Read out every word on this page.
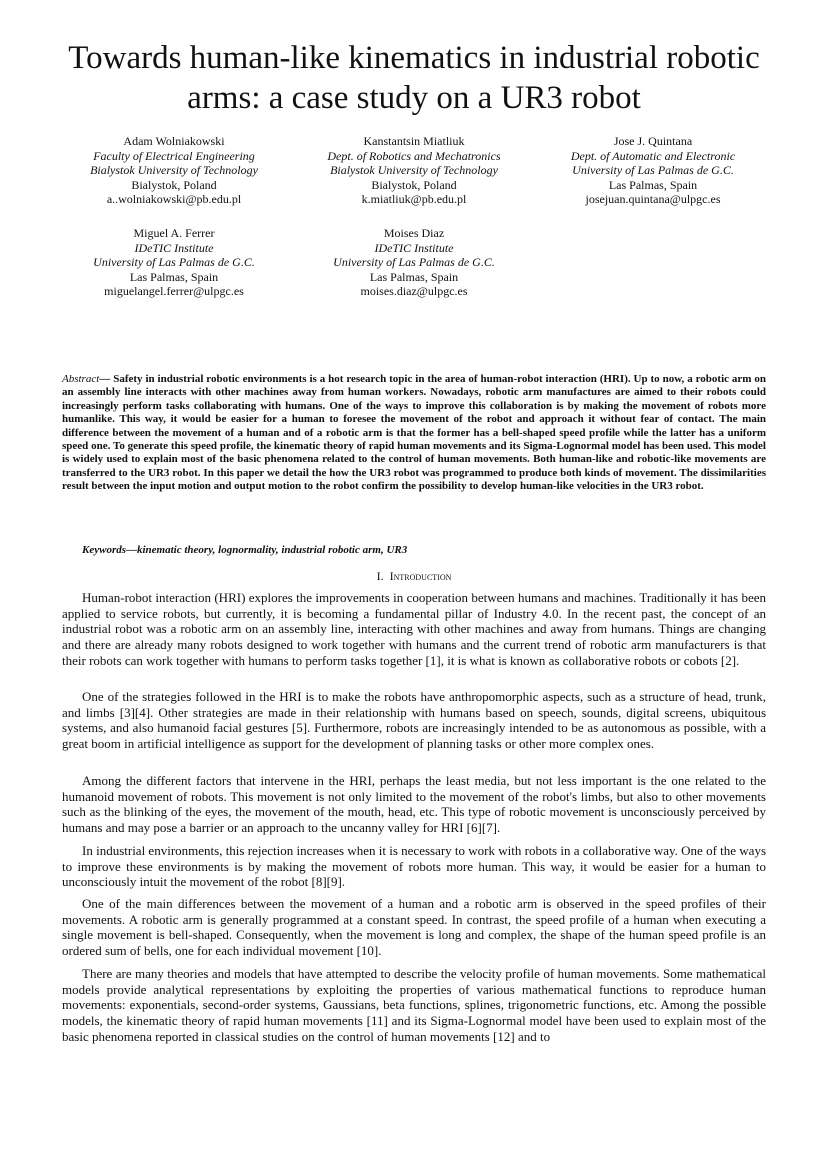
Towards human-like kinematics in industrial robotic arms: a case study on a UR3 robot
Adam Wolniakowski
Faculty of Electrical Engineering
Bialystok University of Technology
Bialystok, Poland
a..wolniakowski@pb.edu.pl
Kanstantsin Miatliuk
Dept. of Robotics and Mechatronics
Bialystok University of Technology
Bialystok, Poland
k.miatliuk@pb.edu.pl
Jose J. Quintana
Dept. of Automatic and Electronic
University of Las Palmas de G.C.
Las Palmas, Spain
josejuan.quintana@ulpgc.es
Miguel A. Ferrer
IDeTIC Institute
University of Las Palmas de G.C.
Las Palmas, Spain
miguelangel.ferrer@ulpgc.es
Moises Diaz
IDeTIC Institute
University of Las Palmas de G.C.
Las Palmas, Spain
moises.diaz@ulpgc.es

Abstract— Safety in industrial robotic environments is a hot research topic in the area of human-robot interaction (HRI). Up to now, a robotic arm on an assembly line interacts with other machines away from human workers. Nowadays, robotic arm manufactures are aimed to their robots could increasingly perform tasks collaborating with humans. One of the ways to improve this collaboration is by making the movement of robots more humanlike. This way, it would be easier for a human to foresee the movement of the robot and approach it without fear of contact. The main difference between the movement of a human and of a robotic arm is that the former has a bell-shaped speed profile while the latter has a uniform speed one. To generate this speed profile, the kinematic theory of rapid human movements and its Sigma-Lognormal model has been used. This model is widely used to explain most of the basic phenomena related to the control of human movements. Both human-like and robotic-like movements are transferred to the UR3 robot. In this paper we detail the how the UR3 robot was programmed to produce both kinds of movement. The dissimilarities result between the input motion and output motion to the robot confirm the possibility to develop human-like velocities in the UR3 robot.

Keywords—kinematic theory, lognormality, industrial robotic arm, UR3

I. Introduction

Human-robot interaction (HRI) explores the improvements in cooperation between humans and machines. Traditionally it has been applied to service robots, but currently, it is becoming a fundamental pillar of Industry 4.0. In the recent past, the concept of an industrial robot was a robotic arm on an assembly line, interacting with other machines and away from humans. Things are changing and there are already many robots designed to work together with humans and the current trend of robotic arm manufacturers is that their robots can work together with humans to perform tasks together [1], it is what is known as collaborative robots or cobots [2].

One of the strategies followed in the HRI is to make the robots have anthropomorphic aspects, such as a structure of head, trunk, and limbs [3][4]. Other strategies are made in their relationship with humans based on speech, sounds, digital screens, ubiquitous systems, and also humanoid facial gestures [5]. Furthermore, robots are increasingly intended to be as autonomous as possible, with a great boom in artificial intelligence as support for the development of planning tasks or other more complex ones.

Among the different factors that intervene in the HRI, perhaps the least media, but not less important is the one related to the humanoid movement of robots. This movement is not only limited to the movement of the robot's limbs, but also to other movements such as the blinking of the eyes, the movement of the mouth, head, etc. This type of robotic movement is unconsciously perceived by humans and may pose a barrier or an approach to the uncanny valley for HRI [6][7].

In industrial environments, this rejection increases when it is necessary to work with robots in a collaborative way. One of the ways to improve these environments is by making the movement of robots more human. This way, it would be easier for a human to unconsciously intuit the movement of the robot [8][9].

One of the main differences between the movement of a human and a robotic arm is observed in the speed profiles of their movements. A robotic arm is generally programmed at a constant speed. In contrast, the speed profile of a human when executing a single movement is bell-shaped. Consequently, when the movement is long and complex, the shape of the human speed profile is an ordered sum of bells, one for each individual movement [10].

There are many theories and models that have attempted to describe the velocity profile of human movements. Some mathematical models provide analytical representations by exploiting the properties of various mathematical functions to reproduce human movements: exponentials, second-order systems, Gaussians, beta functions, splines, trigonometric functions, etc. Among the possible models, the kinematic theory of rapid human movements [11] and its Sigma-Lognormal model have been used to explain most of the basic phenomena reported in classical studies on the control of human movements [12] and to
